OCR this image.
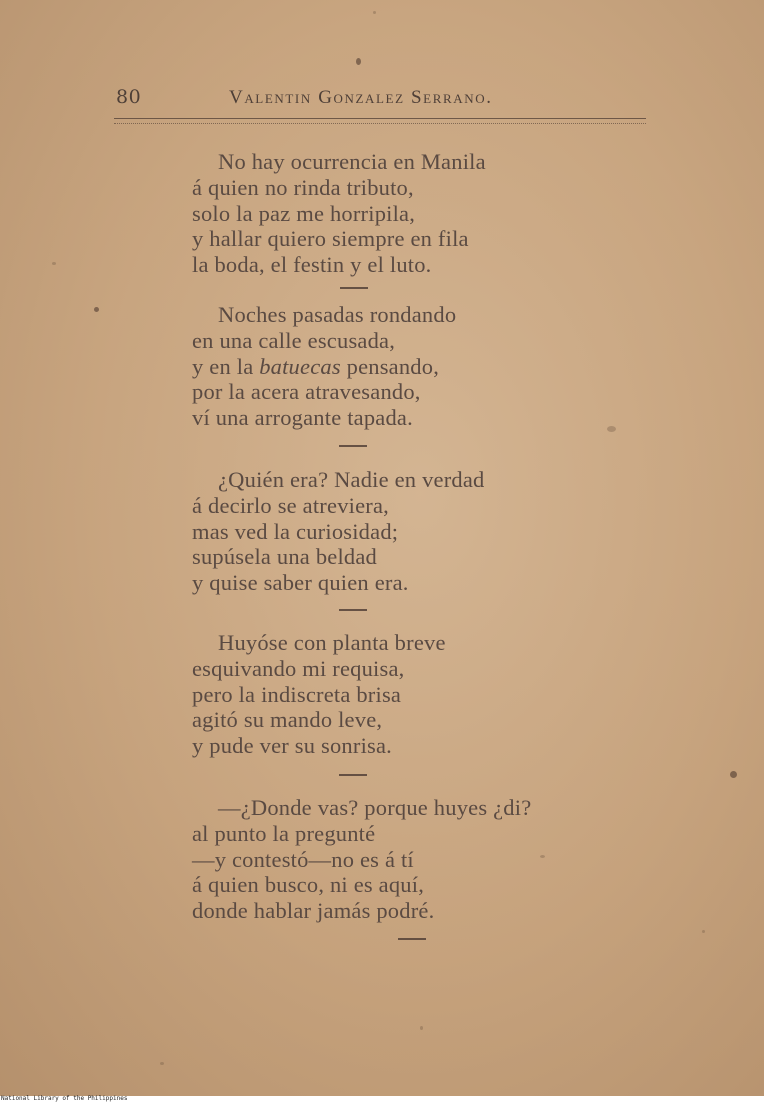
80	Valentin Gonzalez Serrano.
No hay ocurrencia en Manila
á quien no rinda tributo,
solo la paz me horripila,
y hallar quiero siempre en fila
la boda, el festin y el luto.
Noches pasadas rondando
en una calle escusada,
y en la batuecas pensando,
por la acera atravesando,
ví una arrogante tapada.
¿Quién era? Nadie en verdad
á decirlo se atreviera,
mas ved la curiosidad;
supúsela una beldad
y quise saber quien era.
Huyóse con planta breve
esquivando mi requisa,
pero la indiscreta brisa
agitó su mando leve,
y pude ver su sonrisa.
—¿Donde vas? porque huyes ¿di?
al punto la pregunté
—y contestó—no es á tí
á quien busco, ni es aquí,
donde hablar jamás podré.
National Library of the Philippines
